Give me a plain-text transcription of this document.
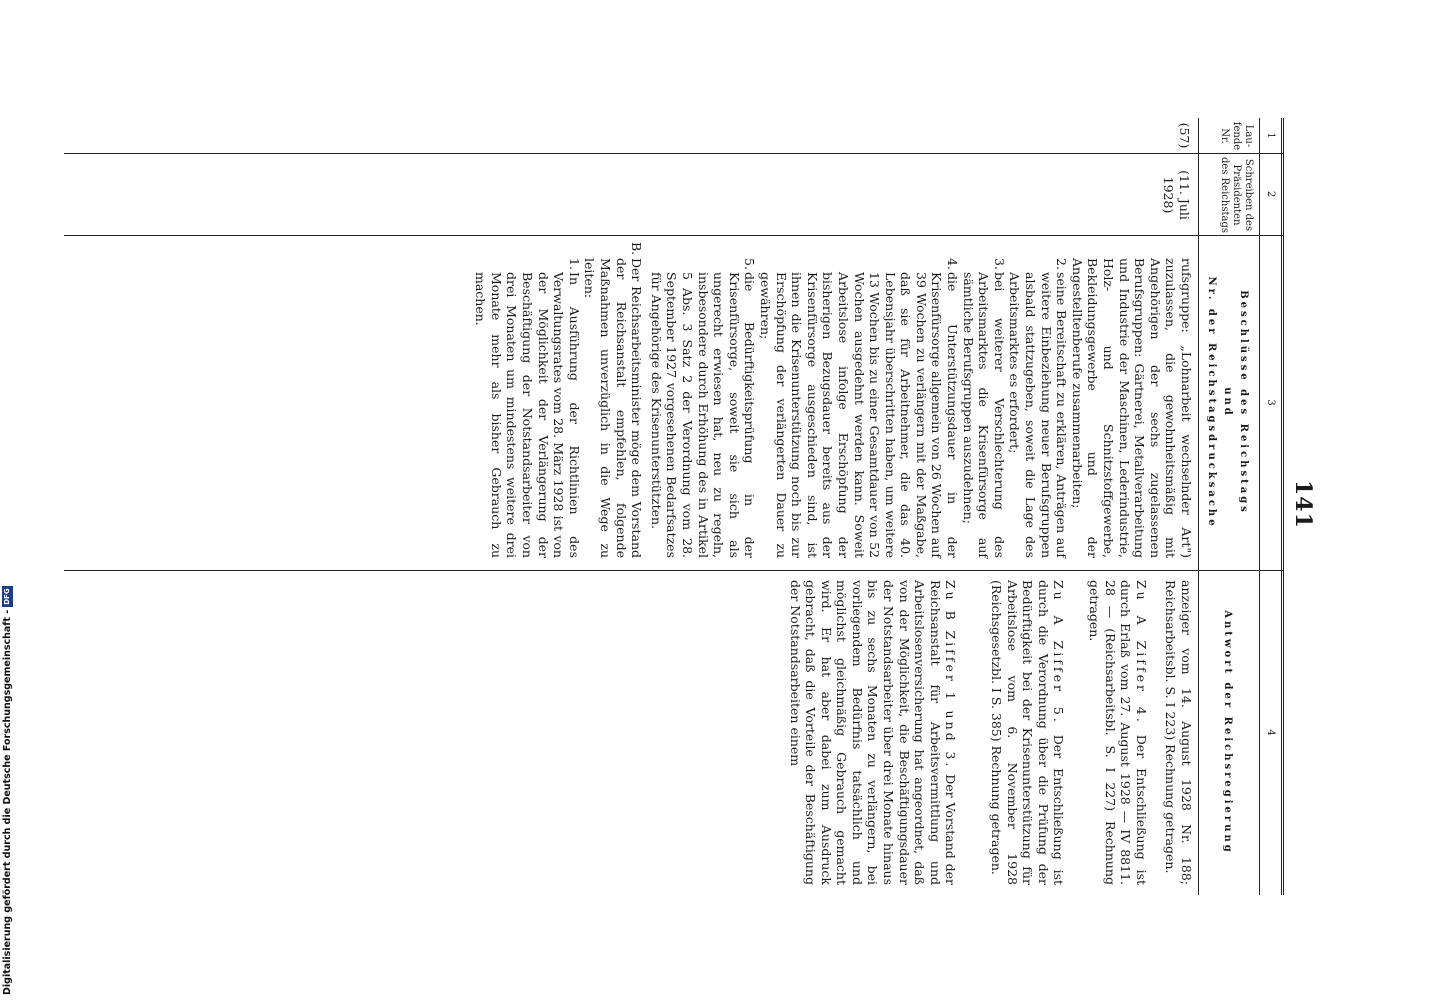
141
1
2
3
4
Lau-fende Nr.
Schreiben des Präsidenten des Reichstags
Beschlüsse des Reichstags
und
Nr. der Reichstagsdrucksache
Antwort der Reichsregierung
(57)
(11. Juli 1928)

rufsgruppe: „Lohnarbeit wechselnder Art") zuzulassen, die gewohnheitsmäßig mit Angehörigen der sechs zugelassenen Berufsgruppen: Gärtnerei, Metallverarbeitung und Industrie der Maschinen, Lederindustrie, Holz- und Schnitzstoffgewerbe, Bekleidungsgewerbe und der Angestelltenberufe zusammenarbeiten;

2.
seine Bereitschaft zu erklären, Anträgen auf weitere Einbeziehung neuer Berufsgruppen alsbald stattzugeben, soweit die Lage des Arbeitsmarktes es erfordert;

3.
bei weiterer Verschlechterung des Arbeitsmarktes die Krisenfürsorge auf sämtliche Berufsgruppen auszudehnen;

4.
die Unterstützungsdauer in der Krisenfürsorge allgemein von 26 Wochen auf 39 Wochen zu verlängern mit der Maßgabe, daß sie für Arbeitnehmer, die das 40. Lebensjahr überschritten haben, um weitere 13 Wochen bis zu einer Gesamtdauer von 52 Wochen ausgedehnt werden kann. Soweit Arbeitslose infolge Erschöpfung der bisherigen Bezugsdauer bereits aus der Krisenfürsorge ausgeschieden sind, ist ihnen die Krisenunterstützung noch bis zur Erschöpfung der verlängerten Dauer zu gewähren;

5.
die Bedürftigkeitsprüfung in der Krisenfürsorge, soweit sie sich als ungerecht erwiesen hat, neu zu regeln, insbesondere durch Erhöhung des in Artikel 5 Abs. 3 Satz 2 der Verordnung vom 28. September 1927 vorgesehenen Bedarfsatzes für Angehörige des Krisenunterstützten.

B.
Der Reichsarbeitsminister möge dem Vorstand der Reichsanstalt empfehlen, folgende Maßnahmen unverzüglich in die Wege zu leiten:

1.
In Ausführung der Richtlinien des Verwaltungsrates vom 28. März 1928 ist von der Möglichkeit der Verlängerung der Beschäftigung der Notstandsarbeiter von drei Monaten um mindestens weitere drei Monate mehr als bisher Gebrauch zu machen.

anzeiger vom 14. August 1928 Nr. 188; Reichsarbeitsbl. S. I 223) Rechnung getragen.

Zu A Ziffer 4. Der Entschließung ist durch Erlaß vom 27. August 1928 — IV 8811. 28 — (Reichsarbeitsbl. S. I 227) Rechnung getragen.

Zu A Ziffer 5. Der Entschließung ist durch die Verordnung über die Prüfung der Bedürftigkeit bei der Krisenunterstützung für Arbeitslose vom 6. November 1928 (Reichsgesetzbl. I S. 385) Rechnung getragen.

Zu B Ziffer 1 und 3. Der Vorstand der Reichsanstalt für Arbeitsvermittlung und Arbeitslosenversicherung hat angeordnet, daß von der Möglichkeit, die Beschäftigungsdauer der Notstandsarbeiter über drei Monate hinaus bis zu sechs Monaten zu verlängern, bei vorliegendem Bedürfnis tatsächlich und möglichst gleichmäßig Gebrauch gemacht wird. Er hat aber dabei zum Ausdruck gebracht, daß die Vorteile der Beschäftigung der Notstandsarbeiten einem

Digitalisierung gefördert durch die Deutsche Forschungsgemeinschaft -DFG
